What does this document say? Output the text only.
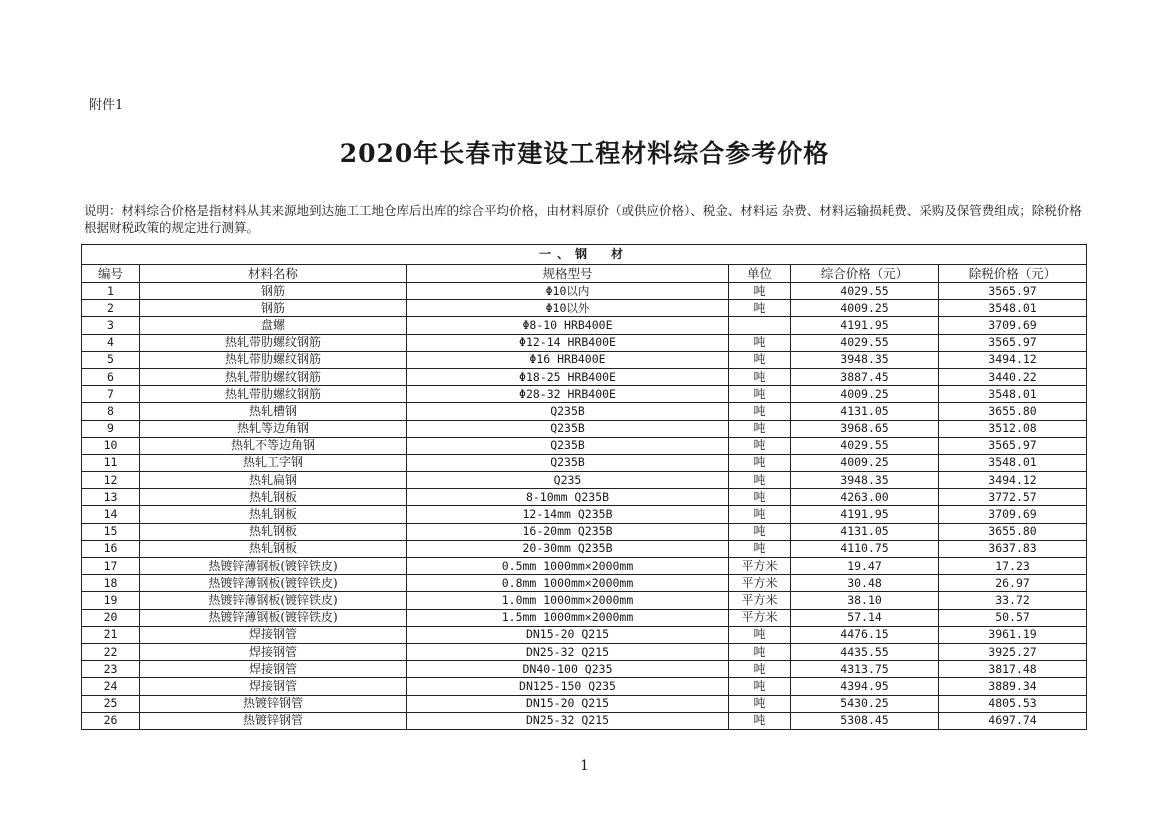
附件1
2020年长春市建设工程材料综合参考价格
说明：材料综合价格是指材料从其来源地到达施工工地仓库后出库的综合平均价格，由材料原价（或供应价格）、税金、材料运 杂费、材料运输损耗费、采购及保管费组成；除税价格根据财税政策的规定进行测算。
一、钢　材					
编号	材料名称	规格型号	单位	综合价格（元）	除税价格（元）
1	钢筋	Φ10以内	吨	4029.55	3565.97
2	钢筋	Φ10以外	吨	4009.25	3548.01
3	盘螺	Φ8-10 HRB400E		4191.95	3709.69
4	热轧带肋螺纹钢筋	Φ12-14 HRB400E	吨	4029.55	3565.97
5	热轧带肋螺纹钢筋	Φ16 HRB400E	吨	3948.35	3494.12
6	热轧带肋螺纹钢筋	Φ18-25 HRB400E	吨	3887.45	3440.22
7	热轧带肋螺纹钢筋	Φ28-32 HRB400E	吨	4009.25	3548.01
8	热轧槽钢	Q235B	吨	4131.05	3655.80
9	热轧等边角钢	Q235B	吨	3968.65	3512.08
10	热轧不等边角钢	Q235B	吨	4029.55	3565.97
11	热轧工字钢	Q235B	吨	4009.25	3548.01
12	热轧扁钢	Q235	吨	3948.35	3494.12
13	热轧钢板	8-10mm Q235B	吨	4263.00	3772.57
14	热轧钢板	12-14mm Q235B	吨	4191.95	3709.69
15	热轧钢板	16-20mm Q235B	吨	4131.05	3655.80
16	热轧钢板	20-30mm Q235B	吨	4110.75	3637.83
17	热镀锌薄钢板(镀锌铁皮)	0.5mm 1000mm×2000mm	平方米	19.47	17.23
18	热镀锌薄钢板(镀锌铁皮)	0.8mm 1000mm×2000mm	平方米	30.48	26.97
19	热镀锌薄钢板(镀锌铁皮)	1.0mm 1000mm×2000mm	平方米	38.10	33.72
20	热镀锌薄钢板(镀锌铁皮)	1.5mm 1000mm×2000mm	平方米	57.14	50.57
21	焊接钢管	DN15-20 Q215	吨	4476.15	3961.19
22	焊接钢管	DN25-32 Q215	吨	4435.55	3925.27
23	焊接钢管	DN40-100 Q235	吨	4313.75	3817.48
24	焊接钢管	DN125-150 Q235	吨	4394.95	3889.34
25	热镀锌钢管	DN15-20 Q215	吨	5430.25	4805.53
26	热镀锌钢管	DN25-32 Q215	吨	5308.45	4697.74
1
